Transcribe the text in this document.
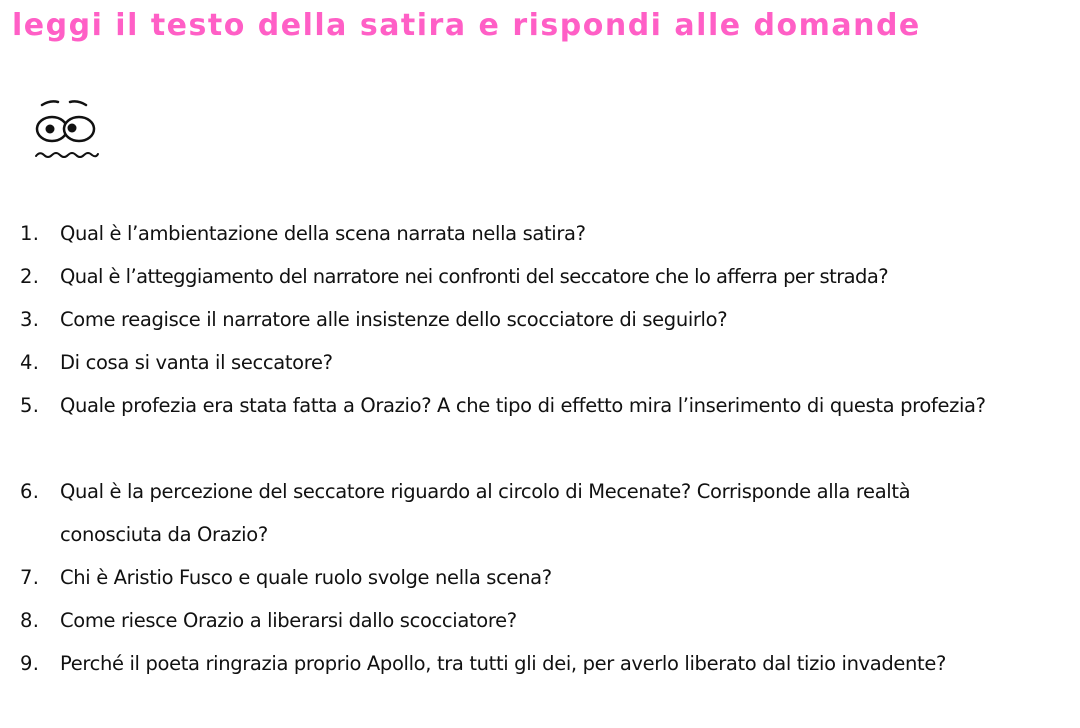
leggi il testo della satira e rispondi alle domande
1.	Qual è l’ambientazione della scena narrata nella satira?
2.	Qual è l’atteggiamento del narratore nei confronti del seccatore che lo afferra per strada?
3.	Come reagisce il narratore alle insistenze dello scocciatore di seguirlo?
4.	Di cosa si vanta il seccatore?
5.	Quale profezia era stata fatta a Orazio? A che tipo di effetto mira l’inserimento di questa profezia?
6.	Qual è la percezione del seccatore riguardo al circolo di Mecenate? Corrisponde alla realtà conosciuta da Orazio?
7.	Chi è Aristio Fusco e quale ruolo svolge nella scena?
8.	Come riesce Orazio a liberarsi dallo scocciatore?
9.	Perché il poeta ringrazia proprio Apollo, tra tutti gli dei, per averlo liberato dal tizio invadente?
